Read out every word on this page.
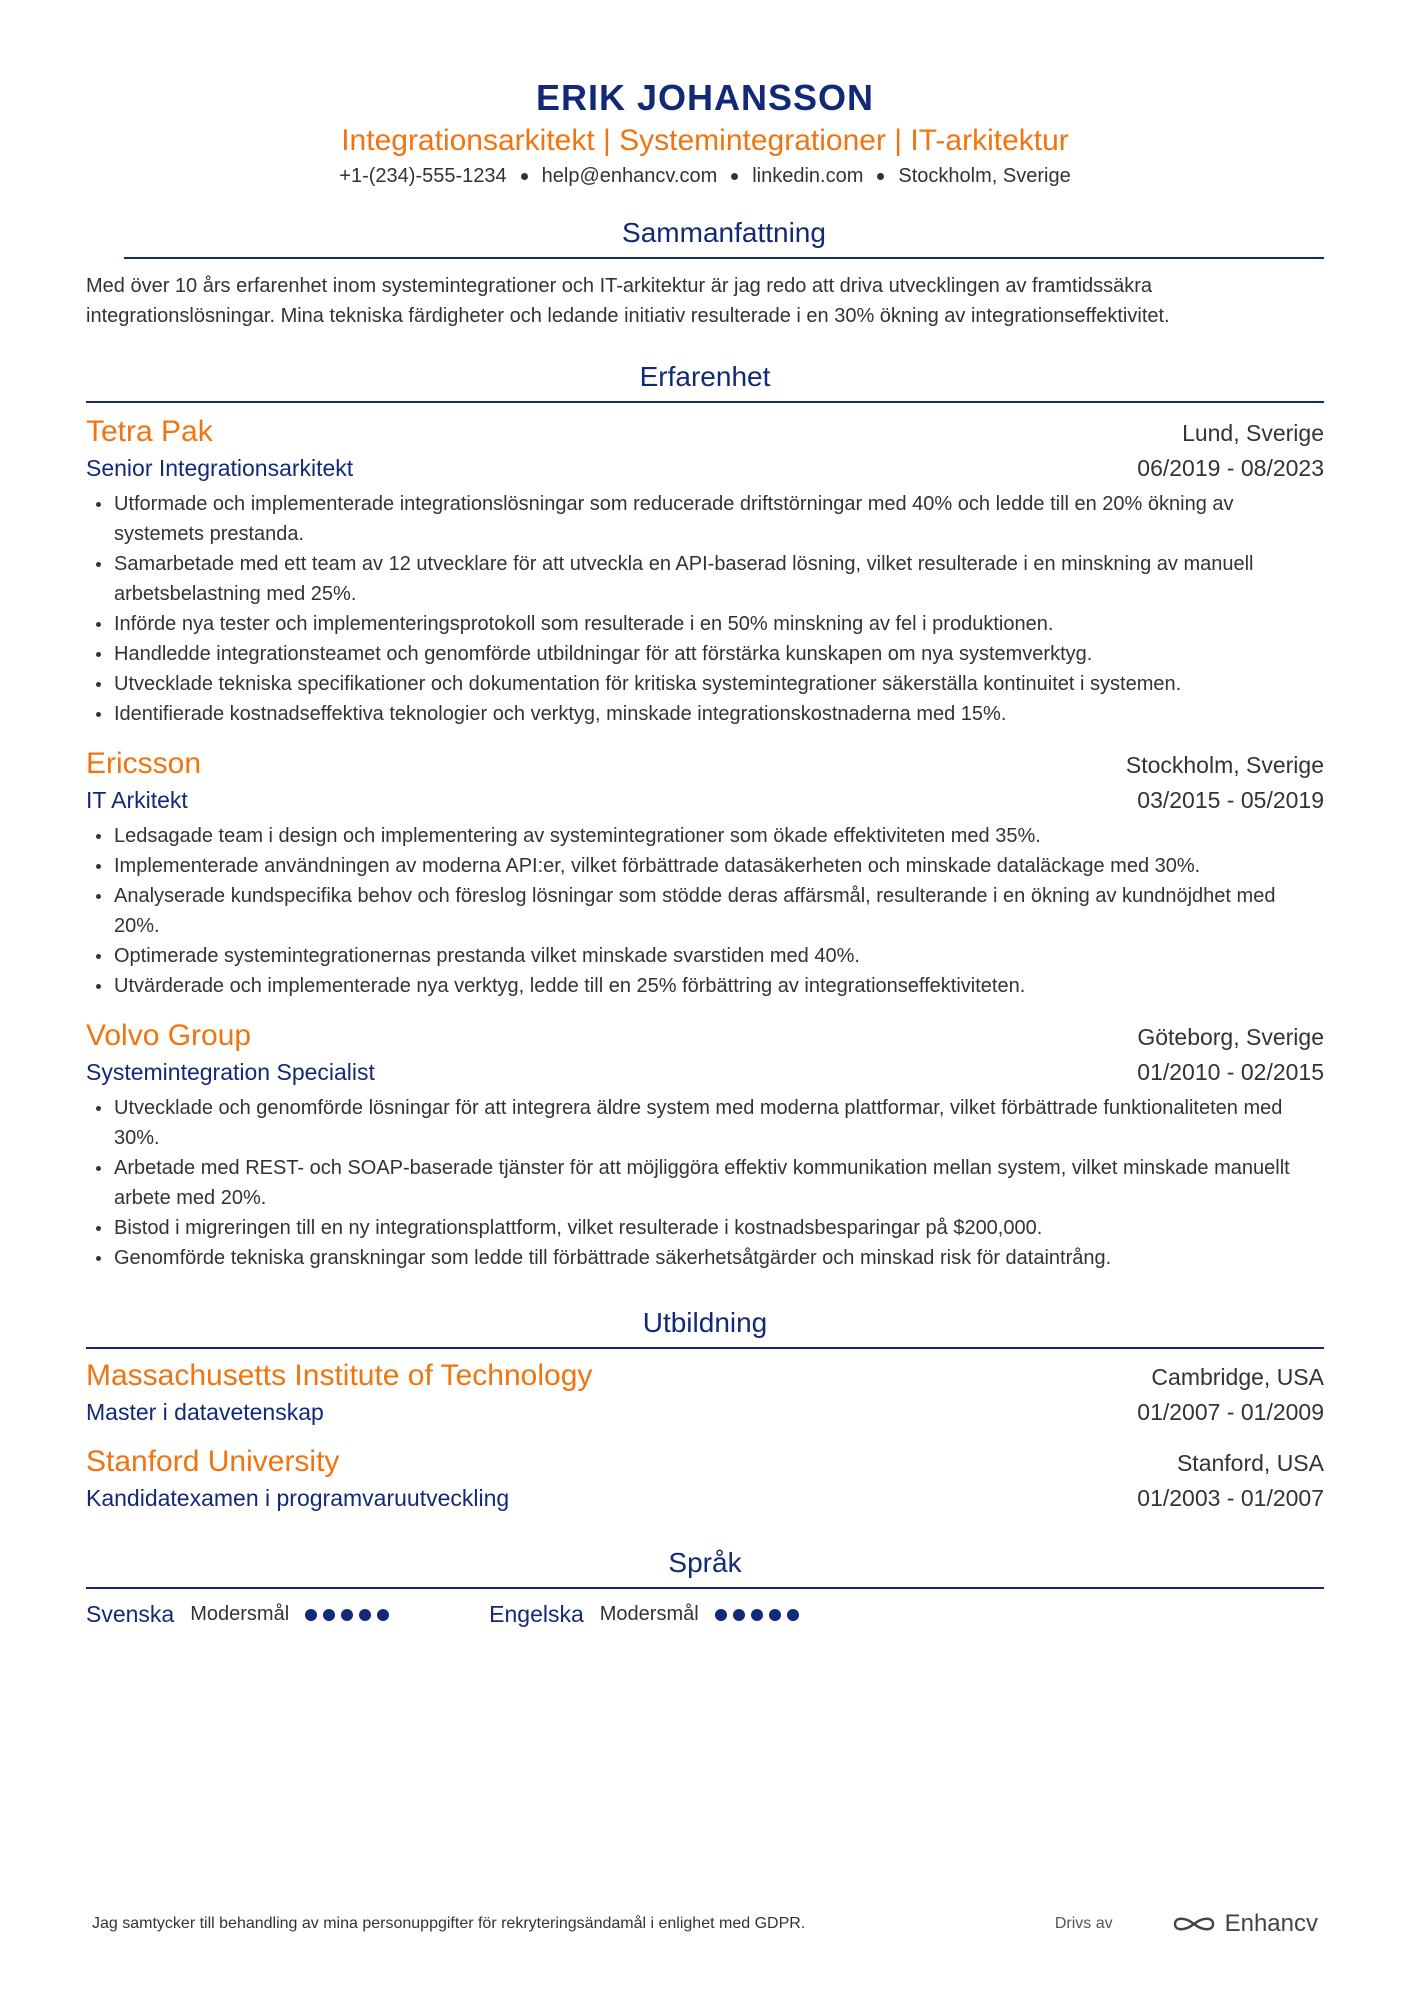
ERIK JOHANSSON
Integrationsarkitekt | Systemintegrationer | IT-arkitektur
+1-(234)-555-1234 help@enhancv.com linkedin.com Stockholm, Sverige
Sammanfattning
Med över 10 års erfarenhet inom systemintegrationer och IT-arkitektur är jag redo att driva utvecklingen av framtidssäkra integrationslösningar. Mina tekniska färdigheter och ledande initiativ resulterade i en 30% ökning av integrationseffektivitet.
Erfarenhet
Tetra Pak	Lund, Sverige
Senior Integrationsarkitekt	06/2019 - 08/2023
Utformade och implementerade integrationslösningar som reducerade driftstörningar med 40% och ledde till en 20% ökning av systemets prestanda.
Samarbetade med ett team av 12 utvecklare för att utveckla en API-baserad lösning, vilket resulterade i en minskning av manuell arbetsbelastning med 25%.
Införde nya tester och implementeringsprotokoll som resulterade i en 50% minskning av fel i produktionen.
Handledde integrationsteamet och genomförde utbildningar för att förstärka kunskapen om nya systemverktyg.
Utvecklade tekniska specifikationer och dokumentation för kritiska systemintegrationer säkerställa kontinuitet i systemen.
Identifierade kostnadseffektiva teknologier och verktyg, minskade integrationskostnaderna med 15%.
Ericsson	Stockholm, Sverige
IT Arkitekt	03/2015 - 05/2019
Ledsagade team i design och implementering av systemintegrationer som ökade effektiviteten med 35%.
Implementerade användningen av moderna API:er, vilket förbättrade datasäkerheten och minskade dataläckage med 30%.
Analyserade kundspecifika behov och föreslog lösningar som stödde deras affärsmål, resulterande i en ökning av kundnöjdhet med 20%.
Optimerade systemintegrationernas prestanda vilket minskade svarstiden med 40%.
Utvärderade och implementerade nya verktyg, ledde till en 25% förbättring av integrationseffektiviteten.
Volvo Group	Göteborg, Sverige
Systemintegration Specialist	01/2010 - 02/2015
Utvecklade och genomförde lösningar för att integrera äldre system med moderna plattformar, vilket förbättrade funktionaliteten med 30%.
Arbetade med REST- och SOAP-baserade tjänster för att möjliggöra effektiv kommunikation mellan system, vilket minskade manuellt arbete med 20%.
Bistod i migreringen till en ny integrationsplattform, vilket resulterade i kostnadsbesparingar på $200,000.
Genomförde tekniska granskningar som ledde till förbättrade säkerhetsåtgärder och minskad risk för dataintrång.
Utbildning
Massachusetts Institute of Technology	Cambridge, USA
Master i datavetenskap	01/2007 - 01/2009
Stanford University	Stanford, USA
Kandidatexamen i programvaruutveckling	01/2003 - 01/2007
Språk
Svenska Modersmål	Engelska Modersmål
Jag samtycker till behandling av mina personuppgifter för rekryteringsändamål i enlighet med GDPR.	Drivs av	Enhancv
